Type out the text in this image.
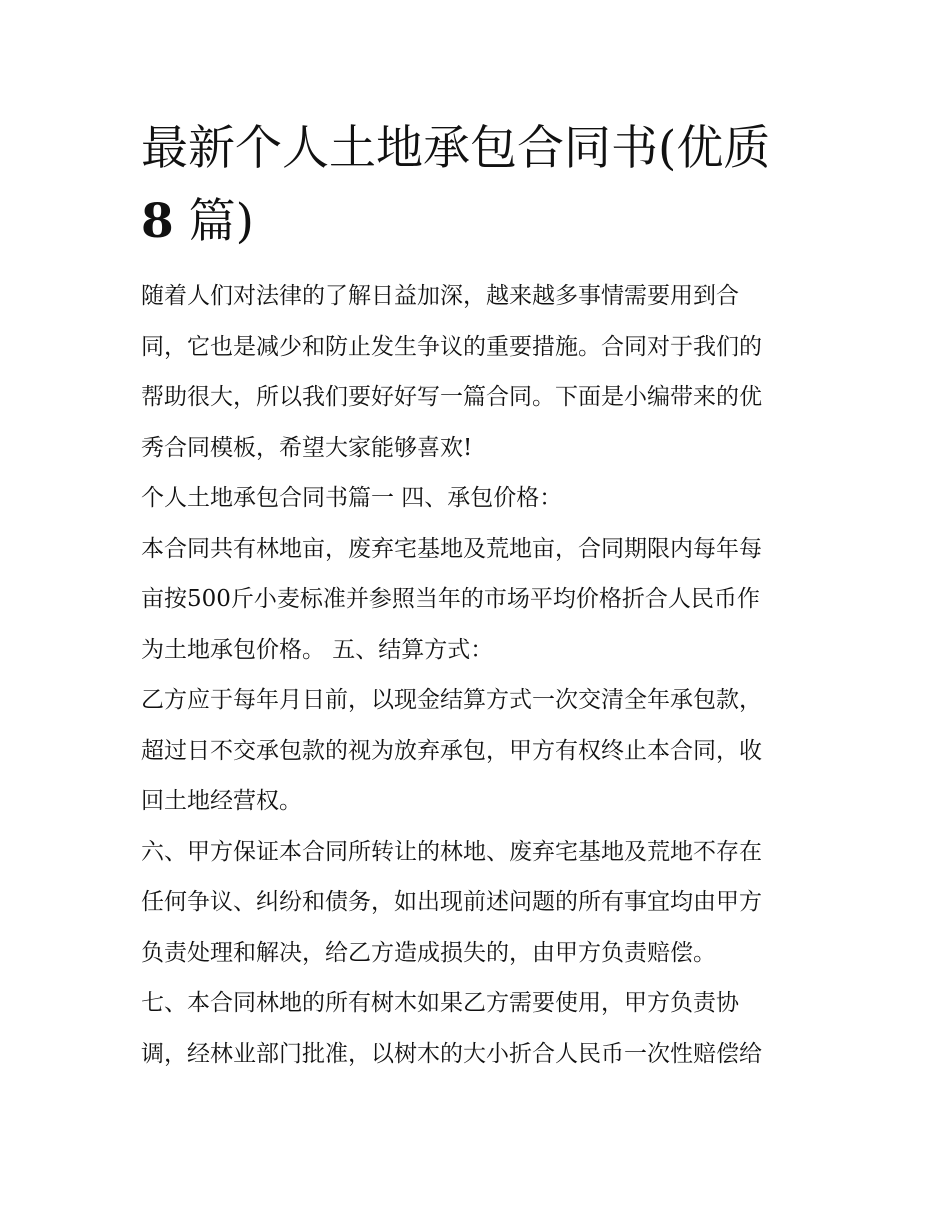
最新个人土地承包合同书(优质
8 篇)
随着人们对法律的了解日益加深，越来越多事情需要用到合
同，它也是减少和防止发生争议的重要措施。合同对于我们的
帮助很大，所以我们要好好写一篇合同。下面是小编带来的优
秀合同模板，希望大家能够喜欢!
个人土地承包合同书篇一 四、承包价格：
本合同共有林地亩，废弃宅基地及荒地亩，合同期限内每年每
亩按500斤小麦标准并参照当年的市场平均价格折合人民币作
为土地承包价格。 五、结算方式：
乙方应于每年月日前，以现金结算方式一次交清全年承包款，
超过日不交承包款的视为放弃承包，甲方有权终止本合同，收
回土地经营权。
六、甲方保证本合同所转让的林地、废弃宅基地及荒地不存在
任何争议、纠纷和债务，如出现前述问题的所有事宜均由甲方
负责处理和解决，给乙方造成损失的，由甲方负责赔偿。
七、本合同林地的所有树木如果乙方需要使用，甲方负责协
调，经林业部门批准，以树木的大小折合人民币一次性赔偿给
